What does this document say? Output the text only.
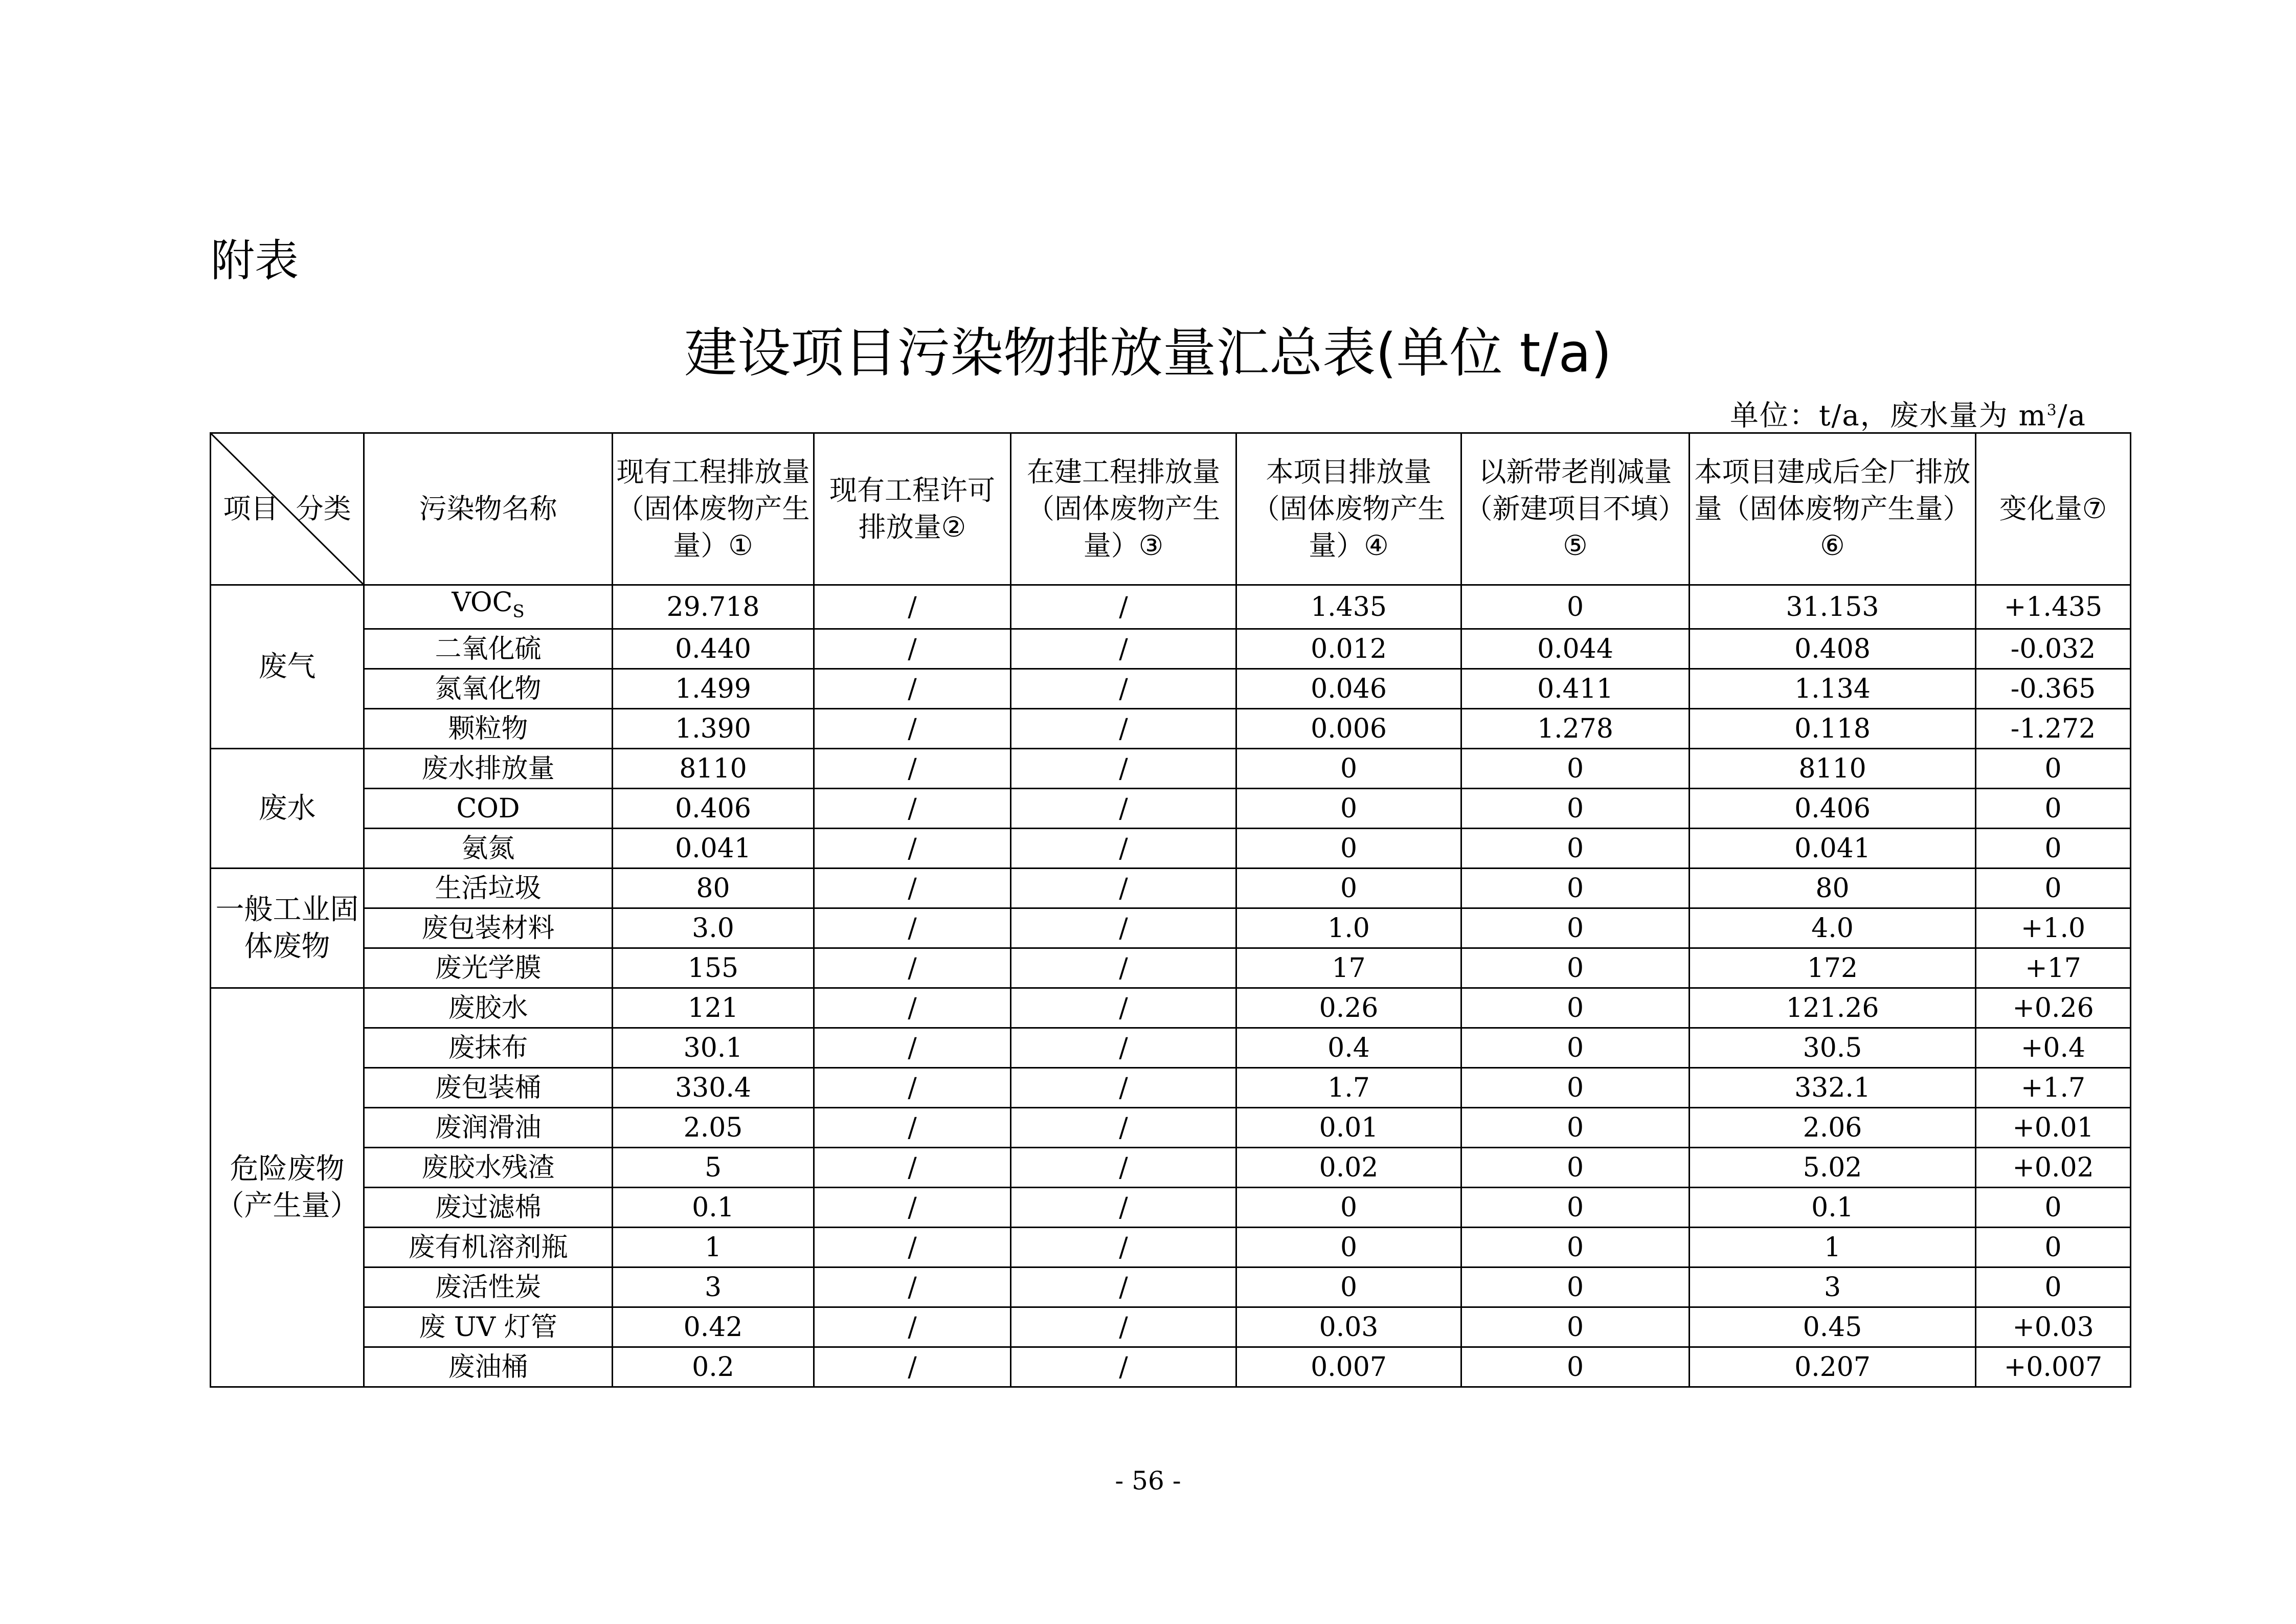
附表
建设项目污染物排放量汇总表(单位 t/a)
单位：t/a，废水量为 $m^3/a$
项目 分类	污染物名称	现有工程排放量（固体废物产生量）①	现有工程许可排放量②	在建工程排放量（固体废物产生量）③	本项目排放量（固体废物产生量）④	以新带老削减量（新建项目不填）⑤	本项目建成后全厂排放量（固体废物产生量）⑥	变化量⑦
废气	$VOC_S$	29.718	/	/	1.435	0	31.153	+1.435
	二氧化硫	0.440	/	/	0.012	0.044	0.408	-0.032
	氮氧化物	1.499	/	/	0.046	0.411	1.134	-0.365
	颗粒物	1.390	/	/	0.006	1.278	0.118	-1.272
废水	废水排放量	8110	/	/	0	0	8110	0
	COD	0.406	/	/	0	0	0.406	0
	氨氮	0.041	/	/	0	0	0.041	0
一般工业固体废物	生活垃圾	80	/	/	0	0	80	0
	废包装材料	3.0	/	/	1.0	0	4.0	+1.0
	废光学膜	155	/	/	17	0	172	+17
危险废物（产生量）	废胶水	121	/	/	0.26	0	121.26	+0.26
	废抹布	30.1	/	/	0.4	0	30.5	+0.4
	废包装桶	330.4	/	/	1.7	0	332.1	+1.7
	废润滑油	2.05	/	/	0.01	0	2.06	+0.01
	废胶水残渣	5	/	/	0.02	0	5.02	+0.02
	废过滤棉	0.1	/	/	0	0	0.1	0
	废有机溶剂瓶	1	/	/	0	0	1	0
	废活性炭	3	/	/	0	0	3	0
	废 UV 灯管	0.42	/	/	0.03	0	0.45	+0.03
	废油桶	0.2	/	/	0.007	0	0.207	+0.007
- 56 -
